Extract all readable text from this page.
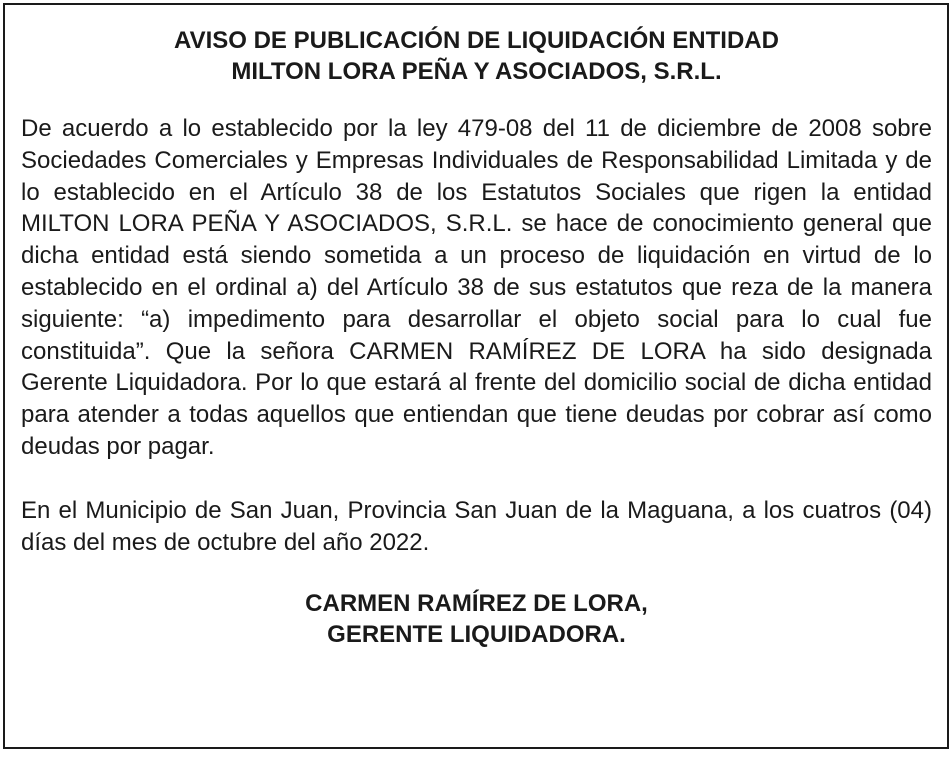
AVISO DE PUBLICACIÓN DE LIQUIDACIÓN ENTIDAD
MILTON LORA PEÑA Y ASOCIADOS, S.R.L.

De acuerdo a lo establecido por la ley 479-08 del 11 de diciembre de 2008 sobre Sociedades Comerciales y Empresas Individuales de Responsabilidad Limitada y de lo establecido en el Artículo 38 de los Estatutos Sociales que rigen la entidad MILTON LORA PEÑA Y ASOCIADOS, S.R.L. se hace de conocimiento general que dicha entidad está siendo sometida a un proceso de liquidación en virtud de lo establecido en el ordinal a) del Artículo 38 de sus estatutos que reza de la manera siguiente: “a) impedimento para desarrollar el objeto social para lo cual fue constituida”. Que la señora CARMEN RAMÍREZ DE LORA ha sido designada Gerente Liquidadora. Por lo que estará al frente del domicilio social de dicha entidad para atender a todas aquellos que entiendan que tiene deudas por cobrar así como deudas por pagar.

En el Municipio de San Juan, Provincia San Juan de la Maguana, a los cuatros (04) días del mes de octubre del año 2022.

CARMEN RAMÍREZ DE LORA,
GERENTE LIQUIDADORA.
